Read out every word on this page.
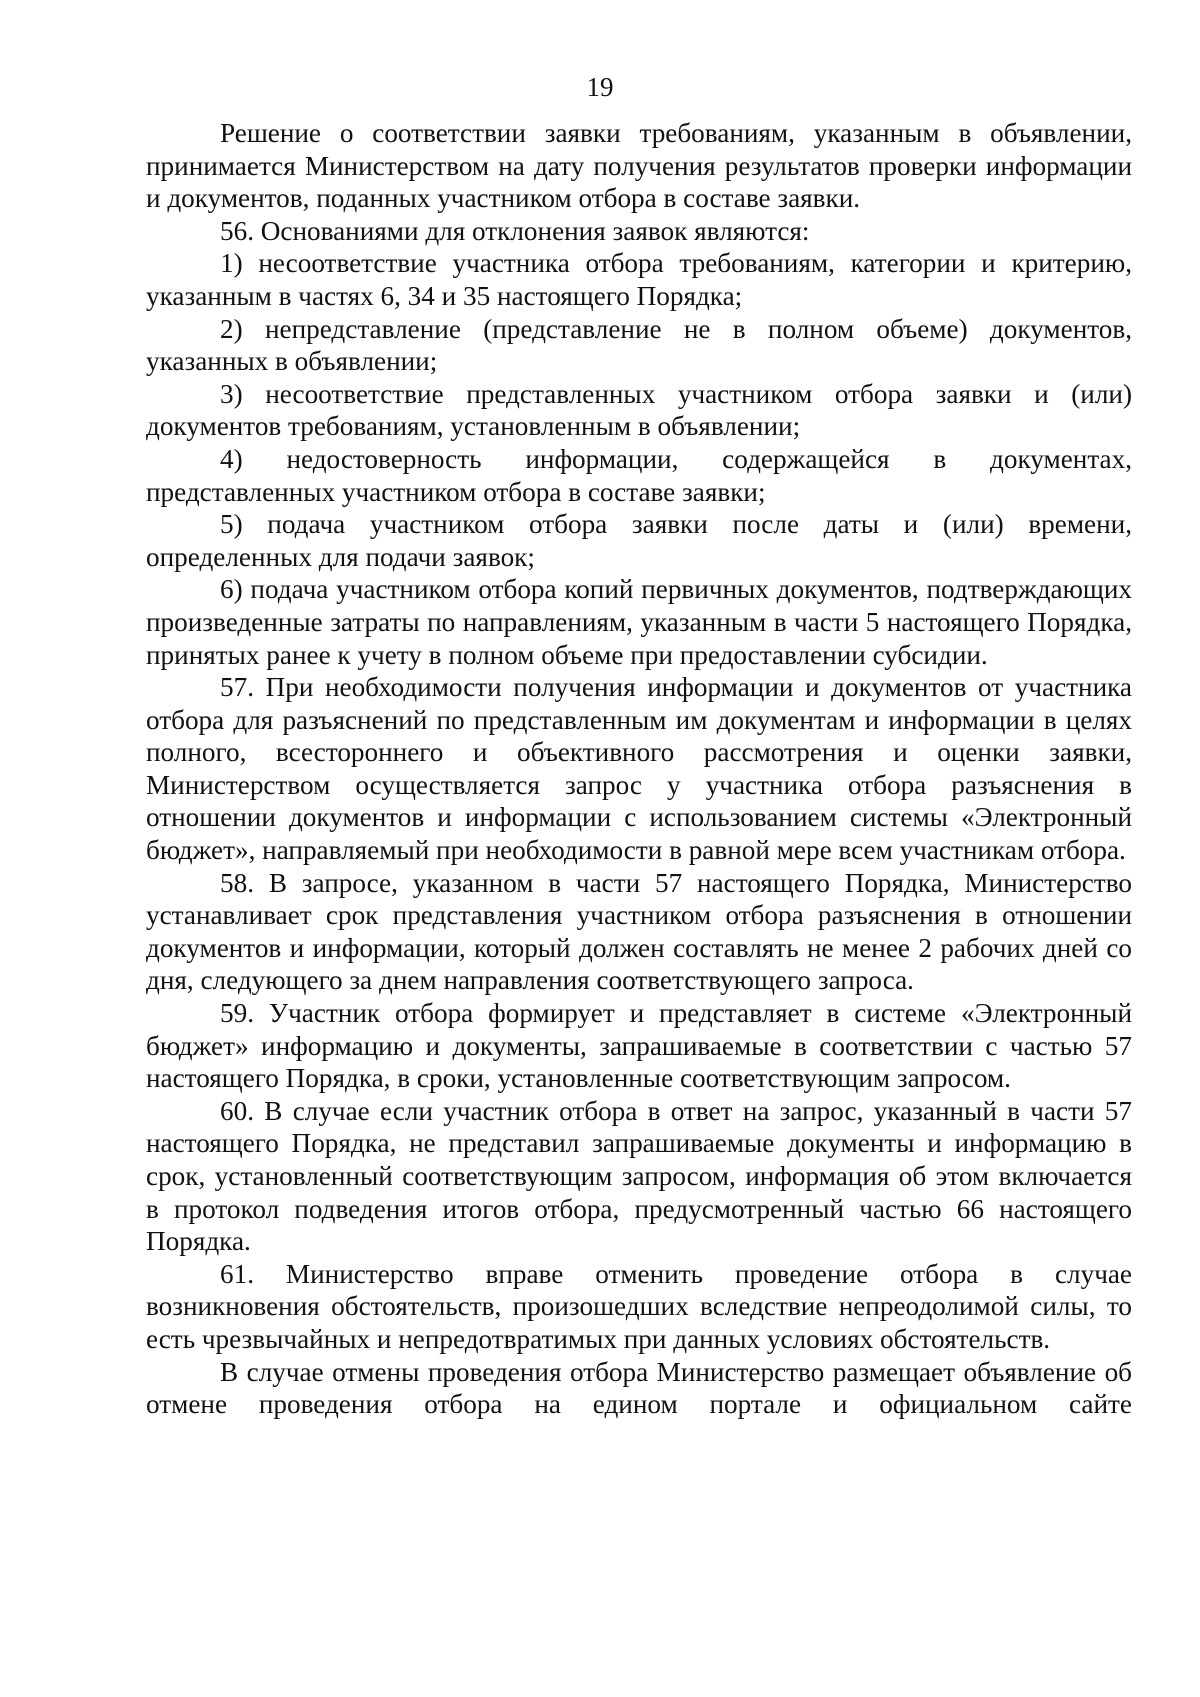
19

Решение о соответствии заявки требованиям, указанным в объявлении, принимается Министерством на дату получения результатов проверки информации и документов, поданных участником отбора в составе заявки.

56. Основаниями для отклонения заявок являются:

1) несоответствие участника отбора требованиям, категории и критерию, указанным в частях 6, 34 и 35 настоящего Порядка;

2) непредставление (представление не в полном объеме) документов, указанных в объявлении;

3) несоответствие представленных участником отбора заявки и (или) документов требованиям, установленным в объявлении;

4) недостоверность информации, содержащейся в документах, представленных участником отбора в составе заявки;

5) подача участником отбора заявки после даты и (или) времени, определенных для подачи заявок;

6) подача участником отбора копий первичных документов, подтверждающих произведенные затраты по направлениям, указанным в части 5 настоящего Порядка, принятых ранее к учету в полном объеме при предоставлении субсидии.

57. При необходимости получения информации и документов от участника отбора для разъяснений по представленным им документам и информации в целях полного, всестороннего и объективного рассмотрения и оценки заявки, Министерством осуществляется запрос у участника отбора разъяснения в отношении документов и информации с использованием системы «Электронный бюджет», направляемый при необходимости в равной мере всем участникам отбора.

58. В запросе, указанном в части 57 настоящего Порядка, Министерство устанавливает срок представления участником отбора разъяснения в отношении документов и информации, который должен составлять не менее 2 рабочих дней со дня, следующего за днем направления соответствующего запроса.

59. Участник отбора формирует и представляет в системе «Электронный бюджет» информацию и документы, запрашиваемые в соответствии с частью 57 настоящего Порядка, в сроки, установленные соответствующим запросом.

60. В случае если участник отбора в ответ на запрос, указанный в части 57 настоящего Порядка, не представил запрашиваемые документы и информацию в срок, установленный соответствующим запросом, информация об этом включается в протокол подведения итогов отбора, предусмотренный частью 66 настоящего Порядка.

61. Министерство вправе отменить проведение отбора в случае возникновения обстоятельств, произошедших вследствие непреодолимой силы, то есть чрезвычайных и непредотвратимых при данных условиях обстоятельств.

В случае отмены проведения отбора Министерство размещает объявление об отмене проведения отбора на едином портале и официальном сайте
